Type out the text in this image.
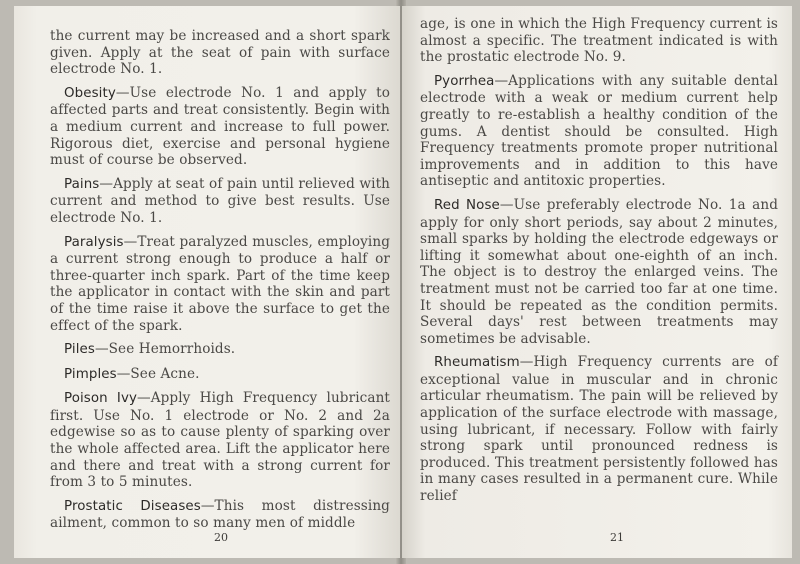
the current may be increased and a short spark given. Apply at the seat of pain with surface electrode No. 1.

Obesity—Use electrode No. 1 and apply to affected parts and treat consistently. Begin with a medium current and increase to full power. Rigorous diet, exercise and personal hygiene must of course be observed.

Pains—Apply at seat of pain until relieved with current and method to give best results. Use electrode No. 1.

Paralysis—Treat paralyzed muscles, employing a current strong enough to produce a half or three-quarter inch spark. Part of the time keep the applicator in contact with the skin and part of the time raise it above the surface to get the effect of the spark.

Piles—See Hemorrhoids.

Pimples—See Acne.

Poison Ivy—Apply High Frequency lubricant first. Use No. 1 electrode or No. 2 and 2a edgewise so as to cause plenty of sparking over the whole affected area. Lift the applicator here and there and treat with a strong current for from 3 to 5 minutes.

Prostatic Diseases—This most distressing ailment, common to so many men of middle

20

age, is one in which the High Frequency current is almost a specific. The treatment indicated is with the prostatic electrode No. 9.

Pyorrhea—Applications with any suitable dental electrode with a weak or medium current help greatly to re-establish a healthy condition of the gums. A dentist should be consulted. High Frequency treatments promote proper nutritional improvements and in addition to this have antiseptic and antitoxic properties.

Red Nose—Use preferably electrode No. 1a and apply for only short periods, say about 2 minutes, small sparks by holding the electrode edgeways or lifting it somewhat about one-eighth of an inch. The object is to destroy the enlarged veins. The treatment must not be carried too far at one time. It should be repeated as the condition permits. Several days' rest between treatments may sometimes be advisable.

Rheumatism—High Frequency currents are of exceptional value in muscular and in chronic articular rheumatism. The pain will be relieved by application of the surface electrode with massage, using lubricant, if necessary. Follow with fairly strong spark until pronounced redness is produced. This treatment persistently followed has in many cases resulted in a permanent cure. While relief

21
